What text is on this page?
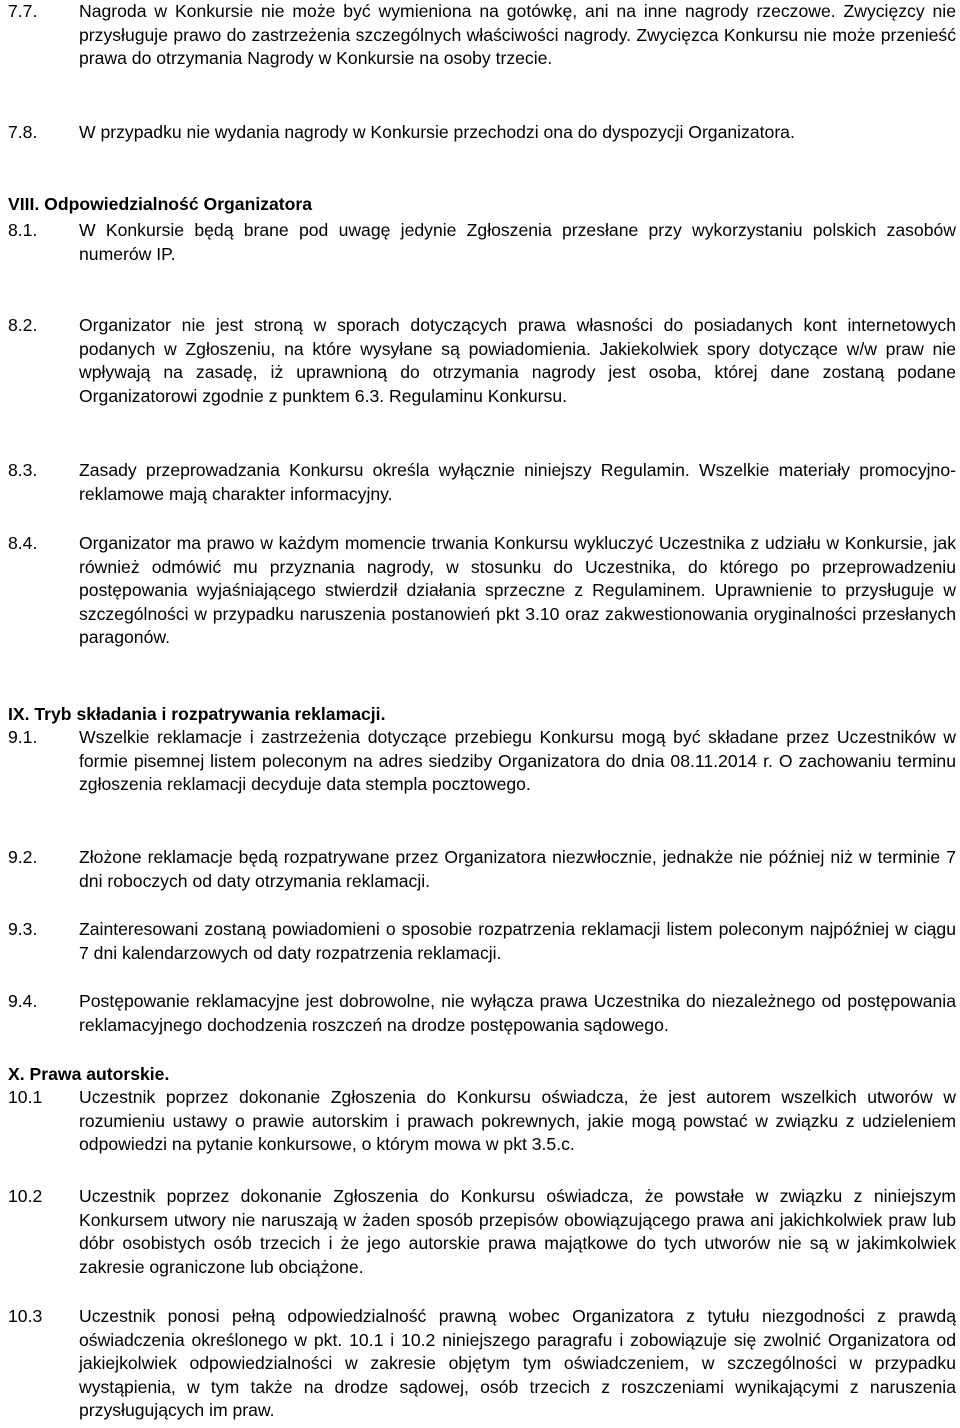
7.7. Nagroda w Konkursie nie może być wymieniona na gotówkę, ani na inne nagrody rzeczowe. Zwycięzcy nie przysługuje prawo do zastrzeżenia szczególnych właściwości nagrody. Zwycięzca Konkursu nie może przenieść prawa do otrzymania Nagrody w Konkursie na osoby trzecie.
7.8. W przypadku nie wydania nagrody w Konkursie przechodzi ona do dyspozycji Organizatora.
VIII. Odpowiedzialność Organizatora
8.1. W Konkursie będą brane pod uwagę jedynie Zgłoszenia przesłane przy wykorzystaniu polskich zasobów numerów IP.
8.2. Organizator nie jest stroną w sporach dotyczących prawa własności do posiadanych kont internetowych podanych w Zgłoszeniu, na które wysyłane są powiadomienia. Jakiekolwiek spory dotyczące w/w praw nie wpływają na zasadę, iż uprawnioną do otrzymania nagrody jest osoba, której dane zostaną podane Organizatorowi zgodnie z punktem 6.3. Regulaminu Konkursu.
8.3. Zasady przeprowadzania Konkursu określa wyłącznie niniejszy Regulamin. Wszelkie materiały promocyjno-reklamowe mają charakter informacyjny.
8.4. Organizator ma prawo w każdym momencie trwania Konkursu wykluczyć Uczestnika z udziału w Konkursie, jak również odmówić mu przyznania nagrody, w stosunku do Uczestnika, do którego po przeprowadzeniu postępowania wyjaśniającego stwierdził działania sprzeczne z Regulaminem. Uprawnienie to przysługuje w szczególności w przypadku naruszenia postanowień pkt 3.10 oraz zakwestionowania oryginalności przesłanych paragonów.
IX. Tryb składania i rozpatrywania reklamacji.
9.1. Wszelkie reklamacje i zastrzeżenia dotyczące przebiegu Konkursu mogą być składane przez Uczestników w formie pisemnej listem poleconym na adres siedziby Organizatora do dnia 08.11.2014 r. O zachowaniu terminu zgłoszenia reklamacji decyduje data stempla pocztowego.
9.2. Złożone reklamacje będą rozpatrywane przez Organizatora niezwłocznie, jednakże nie później niż w terminie 7 dni roboczych od daty otrzymania reklamacji.
9.3. Zainteresowani zostaną powiadomieni o sposobie rozpatrzenia reklamacji listem poleconym najpóźniej w ciągu 7 dni kalendarzowych od daty rozpatrzenia reklamacji.
9.4. Postępowanie reklamacyjne jest dobrowolne, nie wyłącza prawa Uczestnika do niezależnego od postępowania reklamacyjnego dochodzenia roszczeń na drodze postępowania sądowego.
X. Prawa autorskie.
10.1 Uczestnik poprzez dokonanie Zgłoszenia do Konkursu oświadcza, że jest autorem wszelkich utworów w rozumieniu ustawy o prawie autorskim i prawach pokrewnych, jakie mogą powstać w związku z udzieleniem odpowiedzi na pytanie konkursowe, o którym mowa w pkt 3.5.c.
10.2 Uczestnik poprzez dokonanie Zgłoszenia do Konkursu oświadcza, że powstałe w związku z niniejszym Konkursem utwory nie naruszają w żaden sposób przepisów obowiązującego prawa ani jakichkolwiek praw lub dóbr osobistych osób trzecich i że jego autorskie prawa majątkowe do tych utworów nie są w jakimkolwiek zakresie ograniczone lub obciążone.
10.3 Uczestnik ponosi pełną odpowiedzialność prawną wobec Organizatora z tytułu niezgodności z prawdą oświadczenia określonego w pkt. 10.1 i 10.2 niniejszego paragrafu i zobowiązuje się zwolnić Organizatora od jakiejkolwiek odpowiedzialności w zakresie objętym tym oświadczeniem, w szczególności w przypadku wystąpienia, w tym także na drodze sądowej, osób trzecich z roszczeniami wynikającymi z naruszenia przysługujących im praw.
